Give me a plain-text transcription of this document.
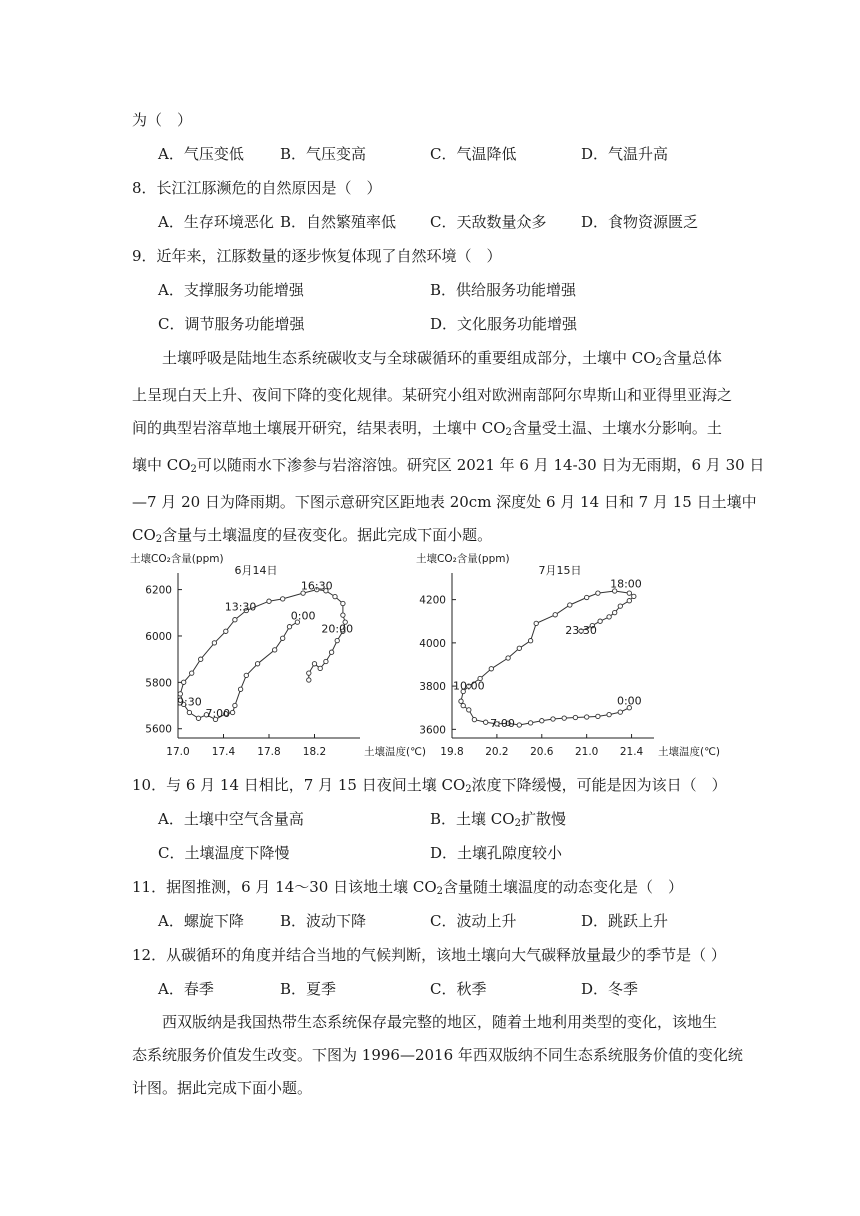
为（　）
A．气压变低 B．气压变高	C．气温降低	D．气温升高
8．长江江豚濒危的自然原因是（　）
A．生存环境恶化 B．自然繁殖率低 C．天敌数量众多 D．食物资源匮乏
9．近年来，江豚数量的逐步恢复体现了自然环境（　）
A．支撑服务功能增强	B．供给服务功能增强
C．调节服务功能增强	D．文化服务功能增强
土壤呼吸是陆地生态系统碳收支与全球碳循环的重要组成部分，土壤中 $CO_2$含量总体
上呈现白天上升、夜间下降的变化规律。某研究小组对欧洲南部阿尔卑斯山和亚得里亚海之
间的典型岩溶草地土壤展开研究，结果表明，土壤中 $CO_2$含量受土温、土壤水分影响。土
壤中 $CO_2$可以随雨水下渗参与岩溶溶蚀。研究区 2021 年 6 月 14-30 日为无雨期，6 月 30 日
—7 月 20 日为降雨期。下图示意研究区距地表 20cm 深度处 6 月 14 日和 7 月 15 日土壤中
$CO_2$含量与土壤温度的昼夜变化。据此完成下面小题。
土壤CO₂含量(ppm)
土壤温度(℃)
6月14日
17.0 17.4 17.8 18.2
6200
6000
5800
5600
16:30
13:30
0:00
20:00
9:30
7:00
土壤CO₂含量(ppm)
土壤温度(℃)
7月15日
19.8 20.2 20.6 21.0 21.4
4200
4000
3800
3600
18:00
23:30
10:00
7:00
0:00
10．与 6 月 14 日相比，7 月 15 日夜间土壤 $CO_2$浓度下降缓慢，可能是因为该日（　）
A．土壤中空气含量高	B．土壤 $CO_2$扩散慢
C．土壤温度下降慢	D．土壤孔隙度较小
11．据图推测，6 月 14～30 日该地土壤 $CO_2$含量随土壤温度的动态变化是（　）
A．螺旋下降 B．波动下降	C．波动上升	D．跳跃上升
12．从碳循环的角度并结合当地的气候判断，该地土壤向大气碳释放量最少的季节是（ ）
A．春季	B．夏季	C．秋季	D．冬季
西双版纳是我国热带生态系统保存最完整的地区，随着土地利用类型的变化，该地生
态系统服务价值发生改变。下图为 1996—2016 年西双版纳不同生态系统服务价值的变化统
计图。据此完成下面小题。
